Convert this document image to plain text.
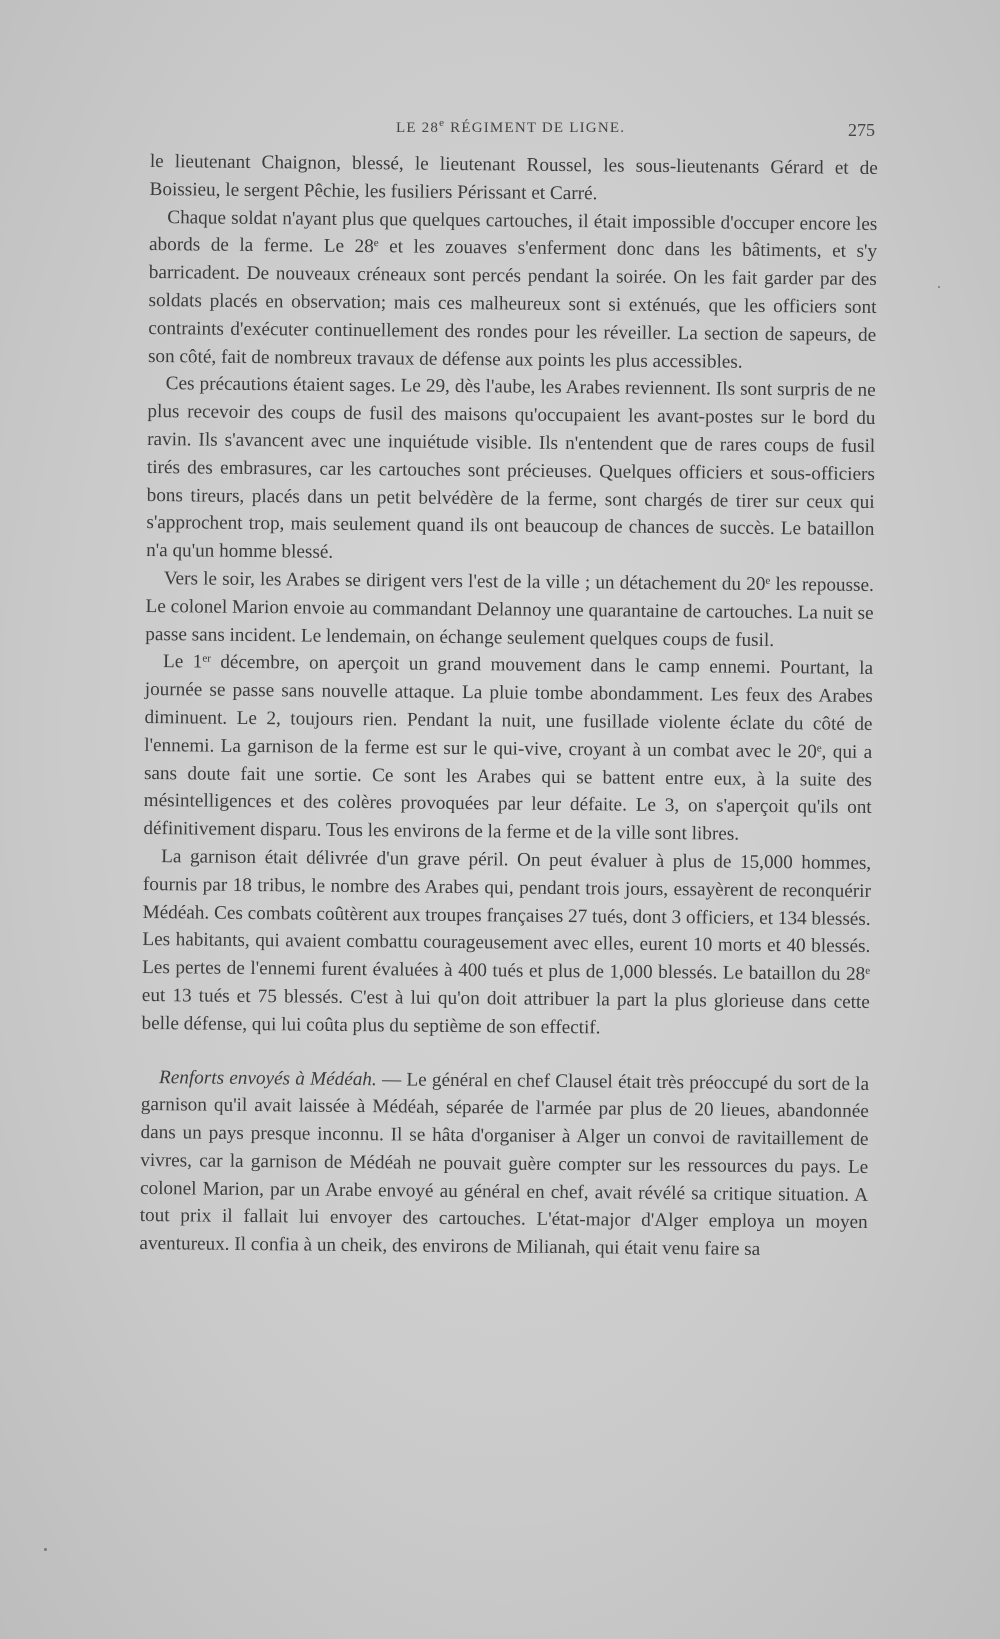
LE 28e RÉGIMENT DE LIGNE.	275

le lieutenant Chaignon, blessé, le lieutenant Roussel, les sous-lieutenants Gérard et de Boissieu, le sergent Pêchie, les fusiliers Périssant et Carré.

Chaque soldat n'ayant plus que quelques cartouches, il était impossible d'occuper encore les abords de la ferme. Le 28e et les zouaves s'enferment donc dans les bâtiments, et s'y barricadent. De nouveaux créneaux sont percés pendant la soirée. On les fait garder par des soldats placés en observation; mais ces malheureux sont si exténués, que les officiers sont contraints d'exécuter continuellement des rondes pour les réveiller. La section de sapeurs, de son côté, fait de nombreux travaux de défense aux points les plus accessibles.

Ces précautions étaient sages. Le 29, dès l'aube, les Arabes reviennent. Ils sont surpris de ne plus recevoir des coups de fusil des maisons qu'occupaient les avant-postes sur le bord du ravin. Ils s'avancent avec une inquiétude visible. Ils n'entendent que de rares coups de fusil tirés des embrasures, car les cartouches sont précieuses. Quelques officiers et sous-officiers bons tireurs, placés dans un petit belvédère de la ferme, sont chargés de tirer sur ceux qui s'approchent trop, mais seulement quand ils ont beaucoup de chances de succès. Le bataillon n'a qu'un homme blessé.

Vers le soir, les Arabes se dirigent vers l'est de la ville ; un détachement du 20e les repousse. Le colonel Marion envoie au commandant Delannoy une quarantaine de cartouches. La nuit se passe sans incident. Le lendemain, on échange seulement quelques coups de fusil.

Le 1er décembre, on aperçoit un grand mouvement dans le camp ennemi. Pourtant, la journée se passe sans nouvelle attaque. La pluie tombe abondamment. Les feux des Arabes diminuent. Le 2, toujours rien. Pendant la nuit, une fusillade violente éclate du côté de l'ennemi. La garnison de la ferme est sur le qui-vive, croyant à un combat avec le 20e, qui a sans doute fait une sortie. Ce sont les Arabes qui se battent entre eux, à la suite des mésintelligences et des colères provoquées par leur défaite. Le 3, on s'aperçoit qu'ils ont définitivement disparu. Tous les environs de la ferme et de la ville sont libres.

La garnison était délivrée d'un grave péril. On peut évaluer à plus de 15,000 hommes, fournis par 18 tribus, le nombre des Arabes qui, pendant trois jours, essayèrent de reconquérir Médéah. Ces combats coûtèrent aux troupes françaises 27 tués, dont 3 officiers, et 134 blessés. Les habitants, qui avaient combattu courageusement avec elles, eurent 10 morts et 40 blessés. Les pertes de l'ennemi furent évaluées à 400 tués et plus de 1,000 blessés. Le bataillon du 28e eut 13 tués et 75 blessés. C'est à lui qu'on doit attribuer la part la plus glorieuse dans cette belle défense, qui lui coûta plus du septième de son effectif.

Renforts envoyés à Médéah. — Le général en chef Clausel était très préoccupé du sort de la garnison qu'il avait laissée à Médéah, séparée de l'armée par plus de 20 lieues, abandonnée dans un pays presque inconnu. Il se hâta d'organiser à Alger un convoi de ravitaillement de vivres, car la garnison de Médéah ne pouvait guère compter sur les ressources du pays. Le colonel Marion, par un Arabe envoyé au général en chef, avait révélé sa critique situation. A tout prix il fallait lui envoyer des cartouches. L'état-major d'Alger employa un moyen aventureux. Il confia à un cheik, des environs de Milianah, qui était venu faire sa
